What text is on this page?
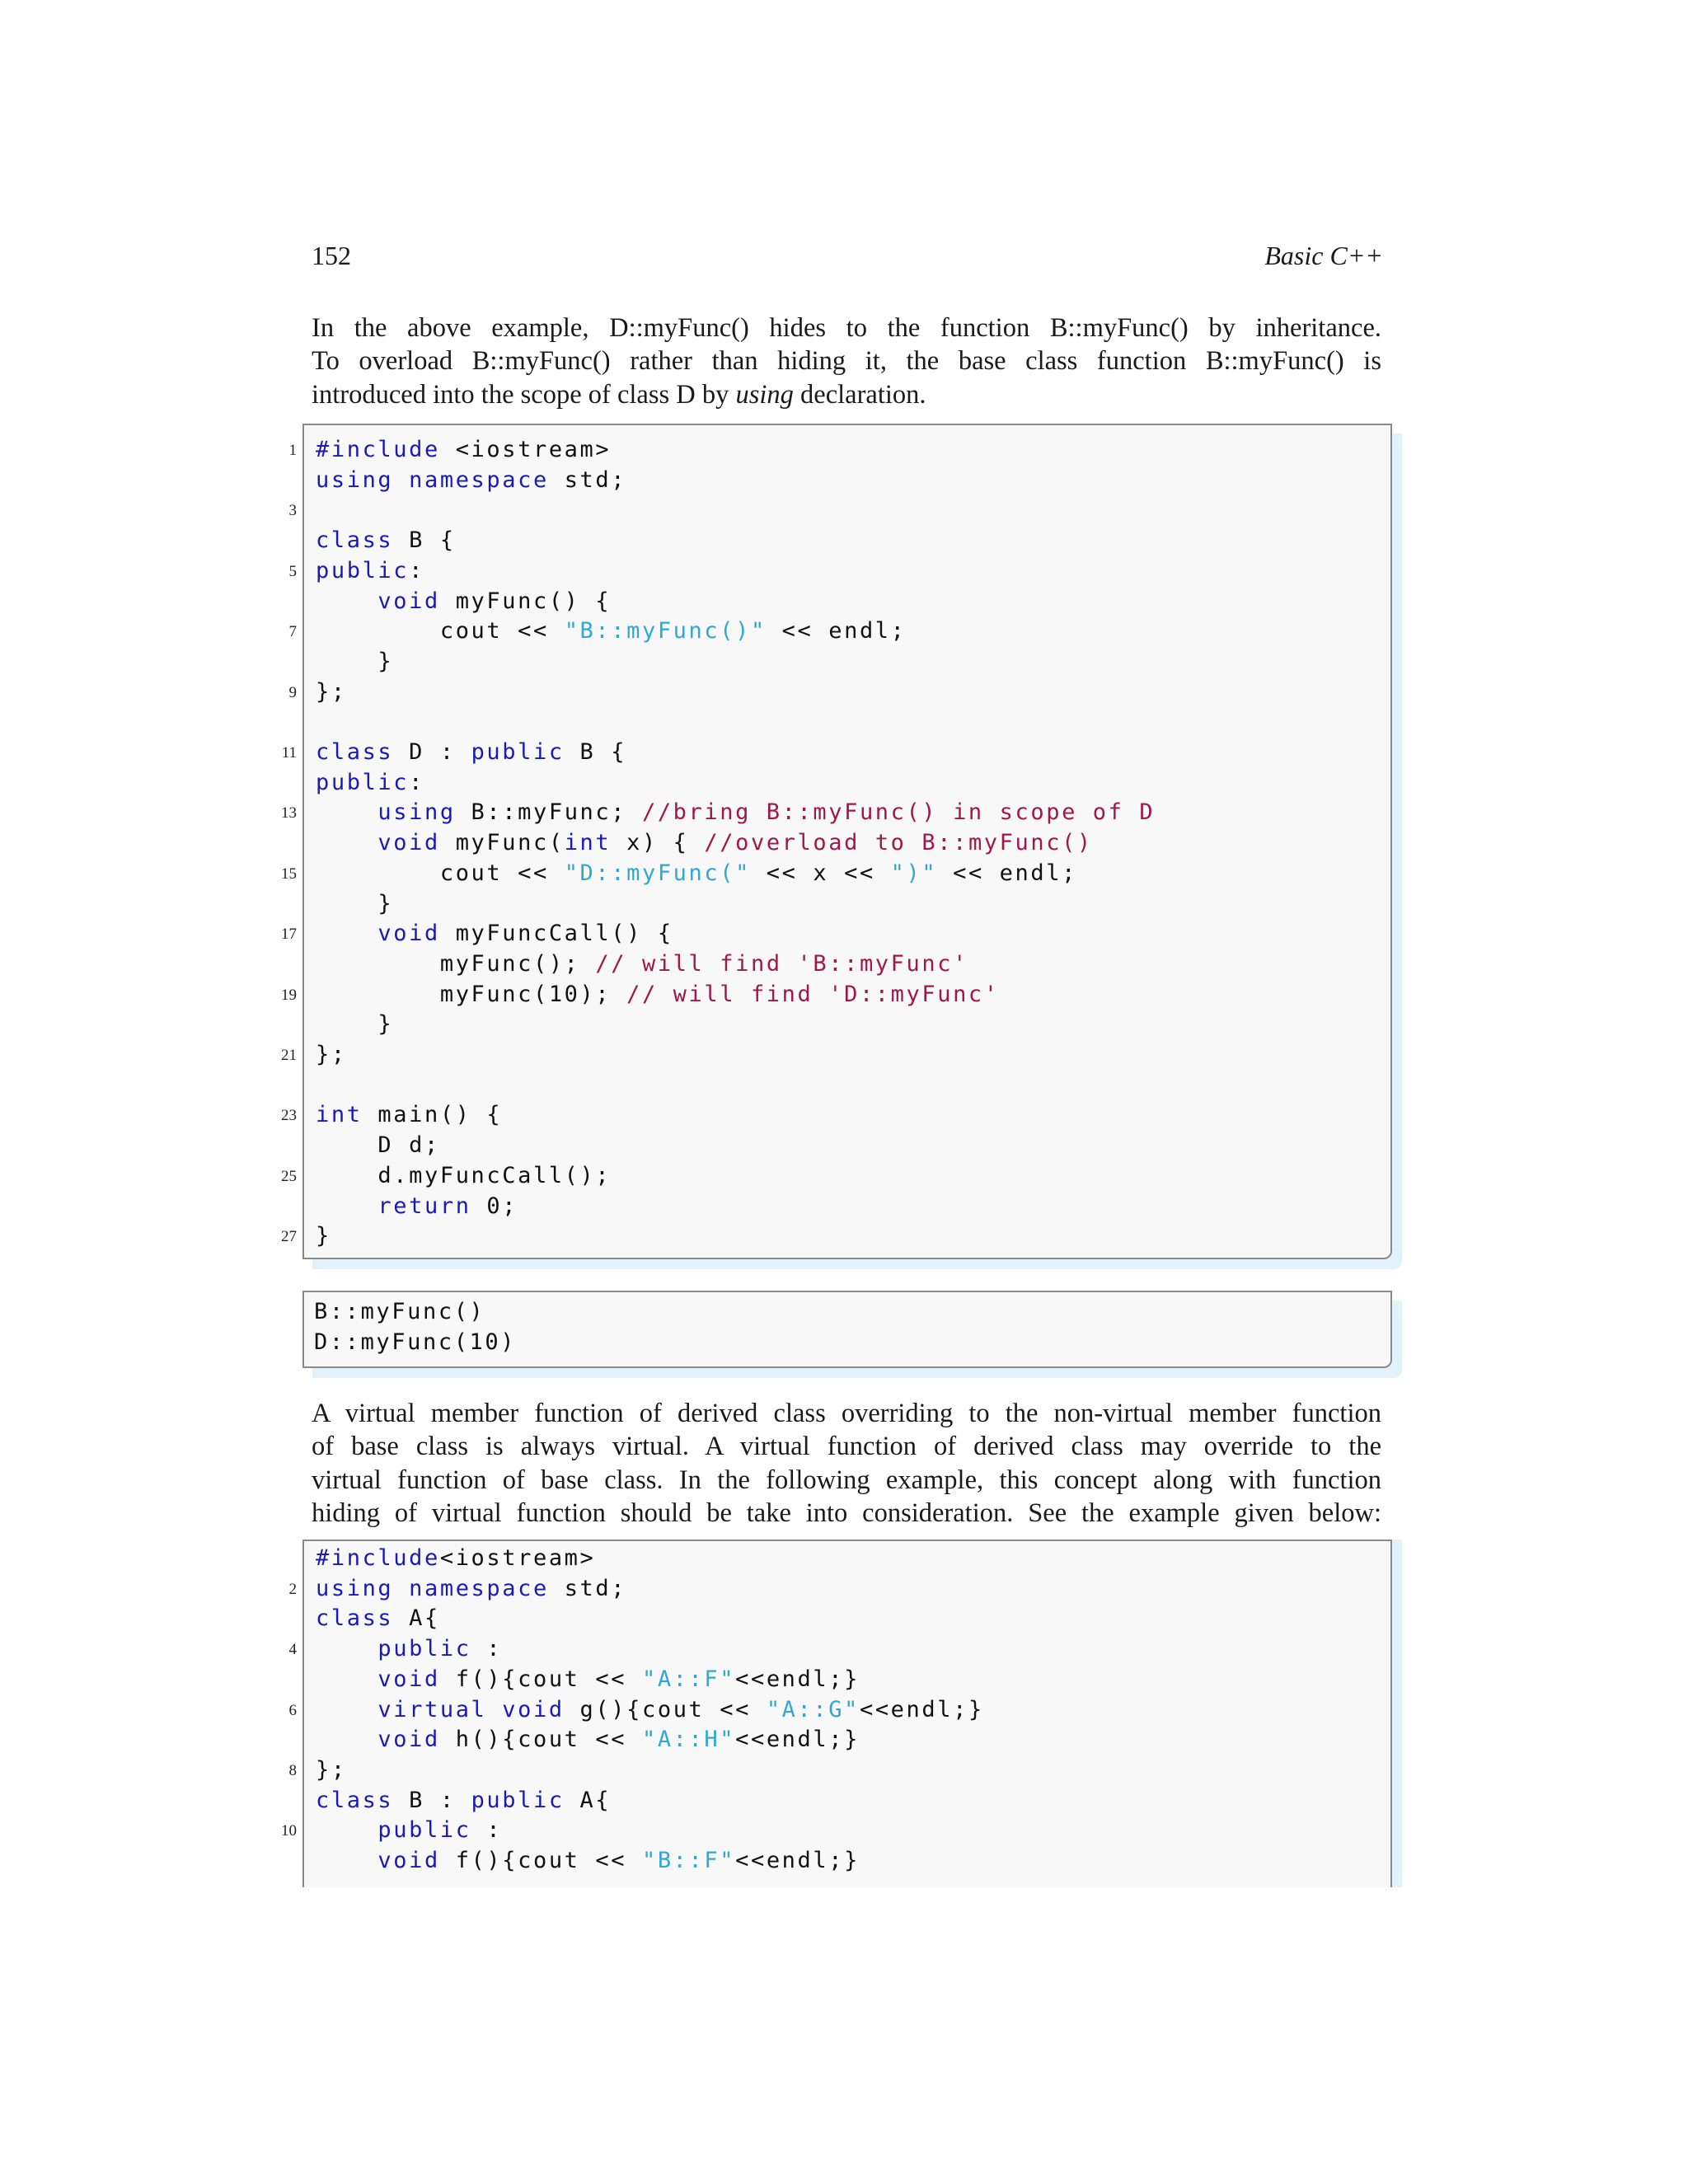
152	Basic C++

In the above example, D::myFunc() hides to the function B::myFunc() by inheritance.
To overload B::myFunc() rather than hiding it, the base class function B::myFunc() is
introduced into the scope of class D by using declaration.

#include <iostream>
using namespace std;
class B {
public:
void myFunc() {
cout << "B::myFunc()" << endl;
}
};
class D : public B {
public:
using B::myFunc; //bring B::myFunc() in scope of D
void myFunc(int x) { //overload to B::myFunc()
cout << "D::myFunc(" << x << ")" << endl;
}
void myFuncCall() {
myFunc(); // will find 'B::myFunc'
myFunc(10); // will find 'D::myFunc'
}
};
int main() {
D d;
d.myFuncCall();
return 0;
}
1
3
5
7
9
11
13
15
17
19
21
23
25
27
B::myFunc()
D::myFunc(10)

A virtual member function of derived class overriding to the non-virtual member function
of base class is always virtual. A virtual function of derived class may override to the
virtual function of base class. In the following example, this concept along with function
hiding of virtual function should be take into consideration. See the example given below:

#include<iostream>
using namespace std;
class A{
public :
void f(){cout << "A::F"<<endl;}
virtual void g(){cout << "A::G"<<endl;}
void h(){cout << "A::H"<<endl;}
};
class B : public A{
public :
void f(){cout << "B::F"<<endl;}
2
4
6
8
10
